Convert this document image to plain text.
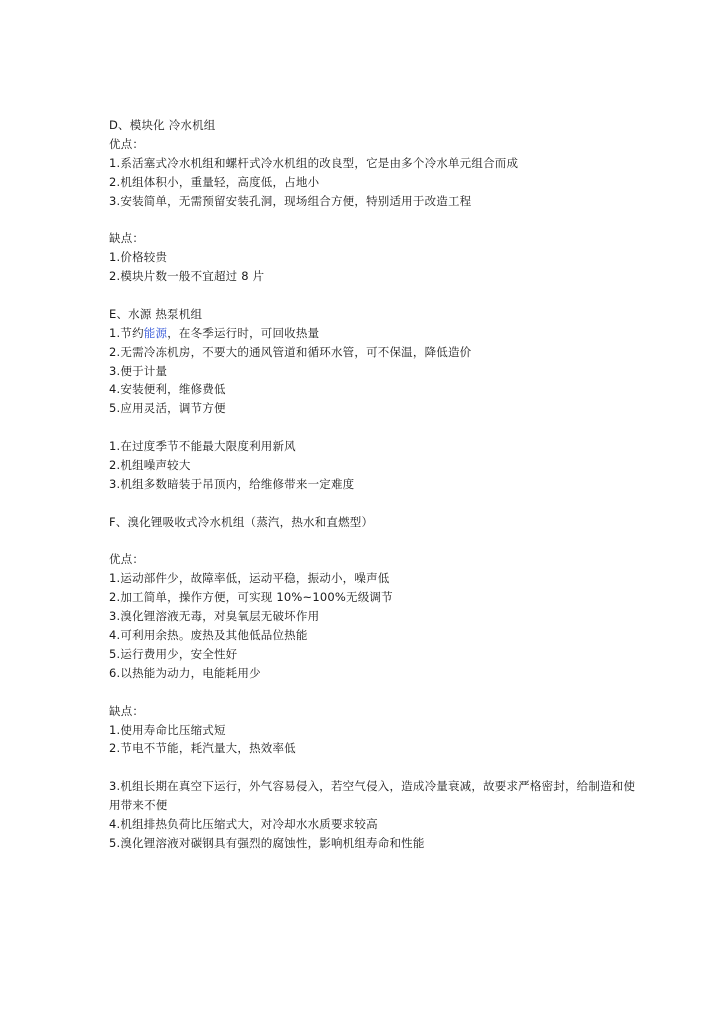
D、模块化 冷水机组
优点：
1.系活塞式冷水机组和螺杆式冷水机组的改良型，它是由多个冷水单元组合而成
2.机组体积小，重量轻，高度低，占地小
3.安装简单，无需预留安装孔洞，现场组合方便，特别适用于改造工程
缺点：
1.价格较贵
2.模块片数一般不宜超过 8 片
E、水源 热泵机组
1.节约能源，在冬季运行时，可回收热量
2.无需冷冻机房，不要大的通风管道和循环水管，可不保温，降低造价
3.便于计量
4.安装便利，维修费低
5.应用灵活，调节方便
1.在过度季节不能最大限度利用新风
2.机组噪声较大
3.机组多数暗装于吊顶内，给维修带来一定难度
F、溴化锂吸收式冷水机组（蒸汽，热水和直燃型）
优点：
1.运动部件少，故障率低，运动平稳，振动小，噪声低
2.加工简单，操作方便，可实现 10%~100%无级调节
3.溴化锂溶液无毒，对臭氧层无破坏作用
4.可利用余热。废热及其他低品位热能
5.运行费用少，安全性好
6.以热能为动力，电能耗用少
缺点：
1.使用寿命比压缩式短
2.节电不节能，耗汽量大，热效率低
3.机组长期在真空下运行，外气容易侵入，若空气侵入，造成冷量衰减，故要求严格密封，给制造和使用带来不便
4.机组排热负荷比压缩式大，对冷却水水质要求较高
5.溴化锂溶液对碳钢具有强烈的腐蚀性，影响机组寿命和性能
